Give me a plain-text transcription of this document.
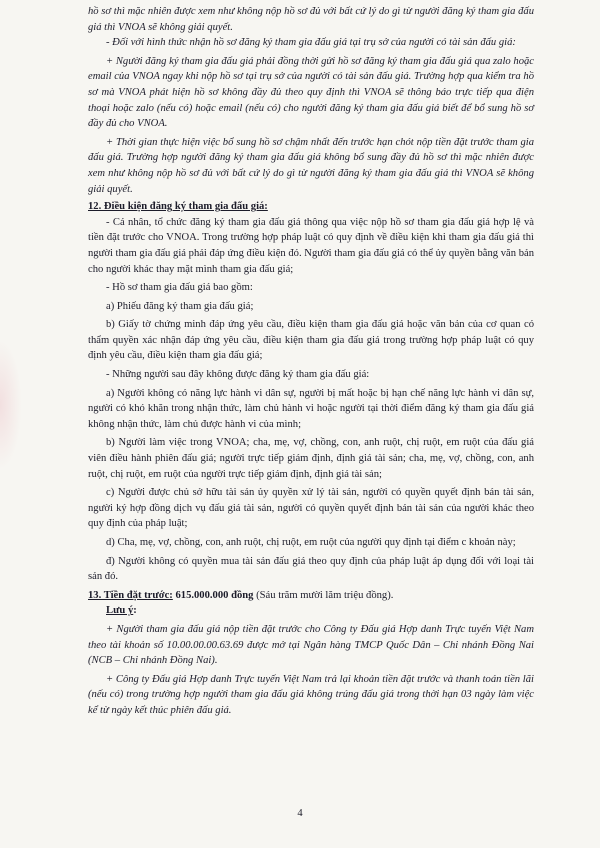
hồ sơ thì mặc nhiên được xem như không nộp hồ sơ đủ với bất cứ lý do gì từ người đăng ký tham gia đấu giá thì VNOA sẽ không giải quyết.

- Đối với hình thức nhận hồ sơ đăng ký tham gia đấu giá tại trụ sở của người có tài sản đấu giá:

+ Người đăng ký tham gia đấu giá phải đồng thời gửi hồ sơ đăng ký tham gia đấu giá qua zalo hoặc email của VNOA ngay khi nộp hồ sơ tại trụ sở của người có tài sản đấu giá. Trường hợp qua kiểm tra hồ sơ mà VNOA phát hiện hồ sơ không đầy đủ theo quy định thì VNOA sẽ thông báo trực tiếp qua điện thoại hoặc zalo (nếu có) hoặc email (nếu có) cho người đăng ký tham gia đấu giá biết để bổ sung hồ sơ đầy đủ cho VNOA.

+ Thời gian thực hiện việc bổ sung hồ sơ chậm nhất đến trước hạn chót nộp tiền đặt trước tham gia đấu giá. Trường hợp người đăng ký tham gia đấu giá không bổ sung đầy đủ hồ sơ thì mặc nhiên được xem như không nộp hồ sơ đủ với bất cứ lý do gì từ người đăng ký tham gia đấu giá thì VNOA sẽ không giải quyết.

12. Điều kiện đăng ký tham gia đấu giá:

- Cá nhân, tổ chức đăng ký tham gia đấu giá thông qua việc nộp hồ sơ tham gia đấu giá hợp lệ và tiền đặt trước cho VNOA. Trong trường hợp pháp luật có quy định về điều kiện khi tham gia đấu giá thì người tham gia đấu giá phải đáp ứng điều kiện đó. Người tham gia đấu giá có thể ủy quyền bằng văn bản cho người khác thay mặt mình tham gia đấu giá;

- Hồ sơ tham gia đấu giá bao gồm:

a) Phiếu đăng ký tham gia đấu giá;

b) Giấy tờ chứng minh đáp ứng yêu cầu, điều kiện tham gia đấu giá hoặc văn bản của cơ quan có thẩm quyền xác nhận đáp ứng yêu cầu, điều kiện tham gia đấu giá trong trường hợp pháp luật có quy định yêu cầu, điều kiện tham gia đấu giá;

- Những người sau đây không được đăng ký tham gia đấu giá:

a) Người không có năng lực hành vi dân sự, người bị mất hoặc bị hạn chế năng lực hành vi dân sự, người có khó khăn trong nhận thức, làm chủ hành vi hoặc người tại thời điểm đăng ký tham gia đấu giá không nhận thức, làm chủ được hành vi của mình;

b) Người làm việc trong VNOA; cha, mẹ, vợ, chồng, con, anh ruột, chị ruột, em ruột của đấu giá viên điều hành phiên đấu giá; người trực tiếp giám định, định giá tài sản; cha, mẹ, vợ, chồng, con, anh ruột, chị ruột, em ruột của người trực tiếp giám định, định giá tài sản;

c) Người được chủ sở hữu tài sản ủy quyền xử lý tài sản, người có quyền quyết định bán tài sản, người ký hợp đồng dịch vụ đấu giá tài sản, người có quyền quyết định bán tài sản của người khác theo quy định của pháp luật;

d) Cha, mẹ, vợ, chồng, con, anh ruột, chị ruột, em ruột của người quy định tại điểm c khoản này;

đ) Người không có quyền mua tài sản đấu giá theo quy định của pháp luật áp dụng đối với loại tài sản đó.

13. Tiền đặt trước: 615.000.000 đồng (Sáu trăm mười lăm triệu đồng).

Lưu ý:

+ Người tham gia đấu giá nộp tiền đặt trước cho Công ty Đấu giá Hợp danh Trực tuyến Việt Nam theo tài khoản số 10.00.00.00.63.69 được mở tại Ngân hàng TMCP Quốc Dân – Chi nhánh Đồng Nai (NCB – Chi nhánh Đồng Nai).

+ Công ty Đấu giá Hợp danh Trực tuyến Việt Nam trả lại khoản tiền đặt trước và thanh toán tiền lãi (nếu có) trong trường hợp người tham gia đấu giá không trúng đấu giá trong thời hạn 03 ngày làm việc kể từ ngày kết thúc phiên đấu giá.

4
